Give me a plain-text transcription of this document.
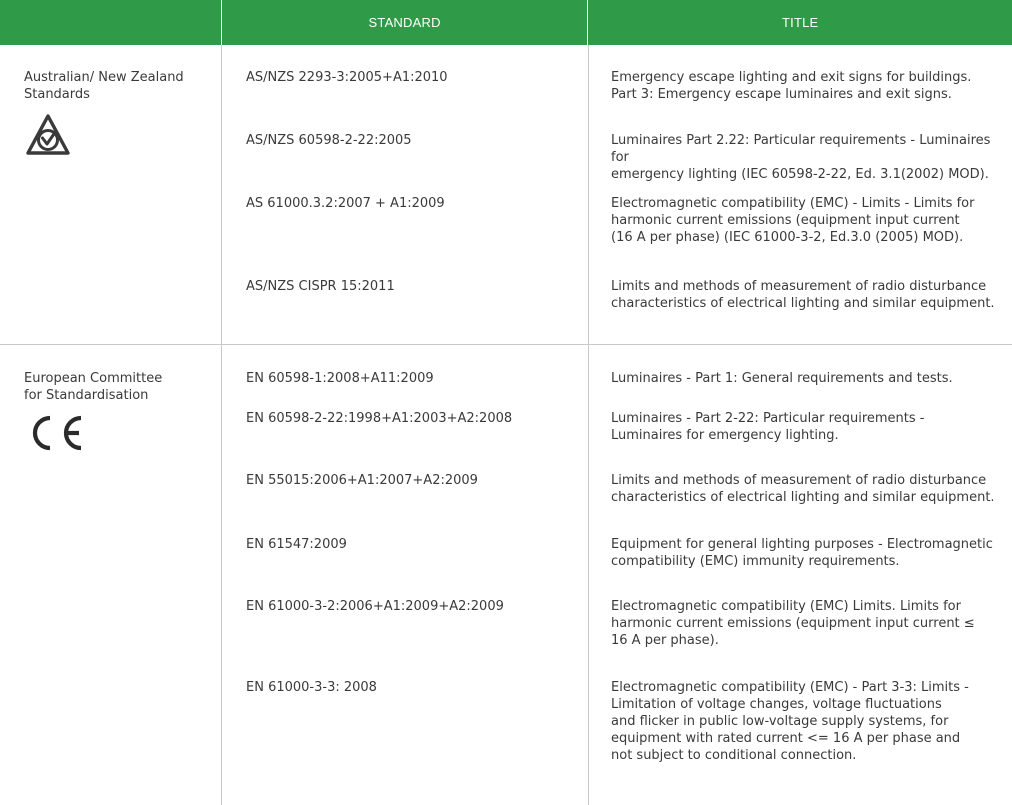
STANDARD	TITLE

Australian/ New Zealand
Standards

AS/NZS 2293-3:2005+A1:2010	Emergency escape lighting and exit signs for buildings.
Part 3: Emergency escape luminaires and exit signs.

AS/NZS 60598-2-22:2005	Luminaires Part 2.22: Particular requirements - Luminaires for
emergency lighting (IEC 60598-2-22, Ed. 3.1(2002) MOD).

AS 61000.3.2:2007 + A1:2009	Electromagnetic compatibility (EMC) - Limits - Limits for
harmonic current emissions (equipment input current
(16 A per phase) (IEC 61000-3-2, Ed.3.0 (2005) MOD).

AS/NZS CISPR 15:2011	Limits and methods of measurement of radio disturbance
characteristics of electrical lighting and similar equipment.

European Committee
for Standardisation

EN 60598-1:2008+A11:2009	Luminaires - Part 1: General requirements and tests.

EN 60598-2-22:1998+A1:2003+A2:2008	Luminaires - Part 2-22: Particular requirements -
Luminaires for emergency lighting.

EN 55015:2006+A1:2007+A2:2009	Limits and methods of measurement of radio disturbance
characteristics of electrical lighting and similar equipment.

EN 61547:2009	Equipment for general lighting purposes - Electromagnetic
compatibility (EMC) immunity requirements.

EN 61000-3-2:2006+A1:2009+A2:2009	Electromagnetic compatibility (EMC) Limits. Limits for
harmonic current emissions (equipment input current ≤
16 A per phase).

EN 61000-3-3: 2008	Electromagnetic compatibility (EMC) - Part 3-3: Limits -
Limitation of voltage changes, voltage fluctuations
and flicker in public low-voltage supply systems, for
equipment with rated current <= 16 A per phase and
not subject to conditional connection.
